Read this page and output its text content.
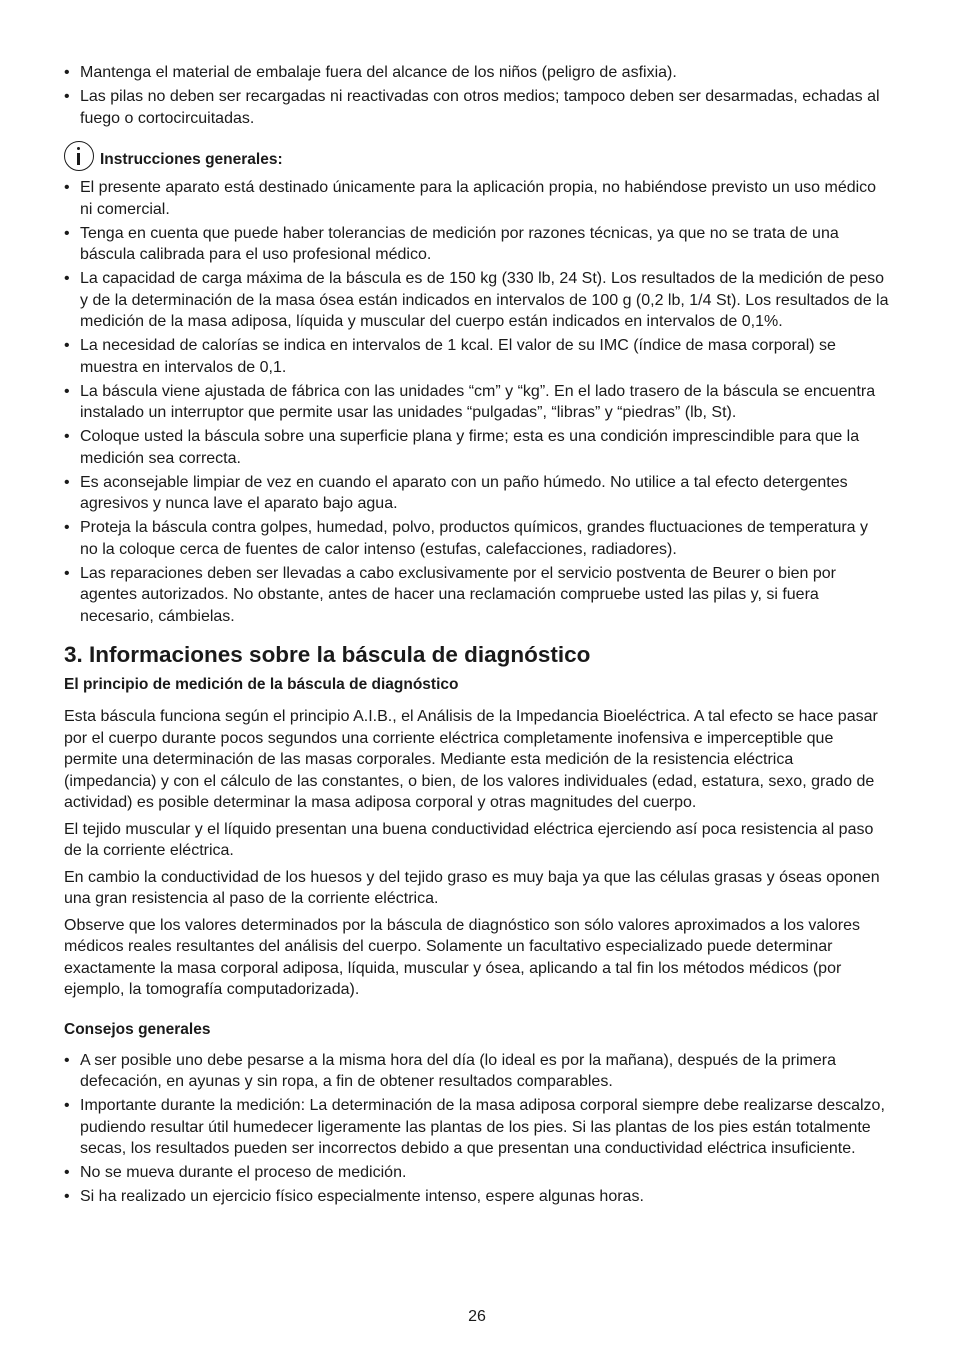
• Mantenga el material de embalaje fuera del alcance de los niños (peligro de asfixia).
• Las pilas no deben ser recargadas ni reactivadas con otros medios; tampoco deben ser desarmadas, echadas al fuego o cortocircuitadas.
Instrucciones generales:
• El presente aparato está destinado únicamente para la aplicación propia, no habiéndose previsto un uso médico ni comercial.
• Tenga en cuenta que puede haber tolerancias de medición por razones técnicas, ya que no se trata de una báscula calibrada para el uso profesional médico.
• La capacidad de carga máxima de la báscula es de 150 kg (330 lb, 24 St). Los resultados de la medición de peso y de la determinación de la masa ósea están indicados en intervalos de 100 g (0,2 lb, 1/4 St). Los resultados de la medición de la masa adiposa, líquida y muscular del cuerpo están indicados en intervalos de 0,1%.
• La necesidad de calorías se indica en intervalos de 1 kcal. El valor de su IMC (índice de masa corporal) se muestra en intervalos de 0,1.
• La báscula viene ajustada de fábrica con las unidades “cm” y “kg”. En el lado trasero de la báscula se encuentra instalado un interruptor que permite usar las unidades “pulgadas”, “libras” y “piedras” (lb, St).
• Coloque usted la báscula sobre una superficie plana y firme; esta es una condición imprescindible para que la medición sea correcta.
• Es aconsejable limpiar de vez en cuando el aparato con un paño húmedo. No utilice a tal efecto detergentes agresivos y nunca lave el aparato bajo agua.
• Proteja la báscula contra golpes, humedad, polvo, productos químicos, grandes fluctuaciones de temperatura y no la coloque cerca de fuentes de calor intenso (estufas, calefacciones, radiadores).
• Las reparaciones deben ser llevadas a cabo exclusivamente por el servicio postventa de Beurer o bien por agentes autorizados. No obstante, antes de hacer una reclamación compruebe usted las pilas y, si fuera necesario, cámbielas.
3. Informaciones sobre la báscula de diagnóstico
El principio de medición de la báscula de diagnóstico

Esta báscula funciona según el principio A.I.B., el Análisis de la Impedancia Bioeléctrica. A tal efecto se hace pasar por el cuerpo durante pocos segundos una corriente eléctrica completamente inofensiva e imperceptible que permite una determinación de las masas corporales. Mediante esta medición de la resistencia eléctrica (impedancia) y con el cálculo de las constantes, o bien, de los valores individuales (edad, estatura, sexo, grado de actividad) es posible determinar la masa adiposa corporal y otras magnitudes del cuerpo.

El tejido muscular y el líquido presentan una buena conductividad eléctrica ejerciendo así poca resistencia al paso de la corriente eléctrica.

En cambio la conductividad de los huesos y del tejido graso es muy baja ya que las células grasas y óseas oponen una gran resistencia al paso de la corriente eléctrica.

Observe que los valores determinados por la báscula de diagnóstico son sólo valores aproximados a los valores médicos reales resultantes del análisis del cuerpo. Solamente un facultativo especializado puede determinar exactamente la masa corporal adiposa, líquida, muscular y ósea, aplicando a tal fin los métodos médicos (por ejemplo, la tomografía computadorizada).

Consejos generales
• A ser posible uno debe pesarse a la misma hora del día (lo ideal es por la mañana), después de la primera defecación, en ayunas y sin ropa, a fin de obtener resultados comparables.
• Importante durante la medición: La determinación de la masa adiposa corporal siempre debe realizarse descalzo, pudiendo resultar útil humedecer ligeramente las plantas de los pies. Si las plantas de los pies están totalmente secas, los resultados pueden ser incorrectos debido a que presentan una conductividad eléctrica insuficiente.
• No se mueva durante el proceso de medición.
• Si ha realizado un ejercicio físico especialmente intenso, espere algunas horas.
26
